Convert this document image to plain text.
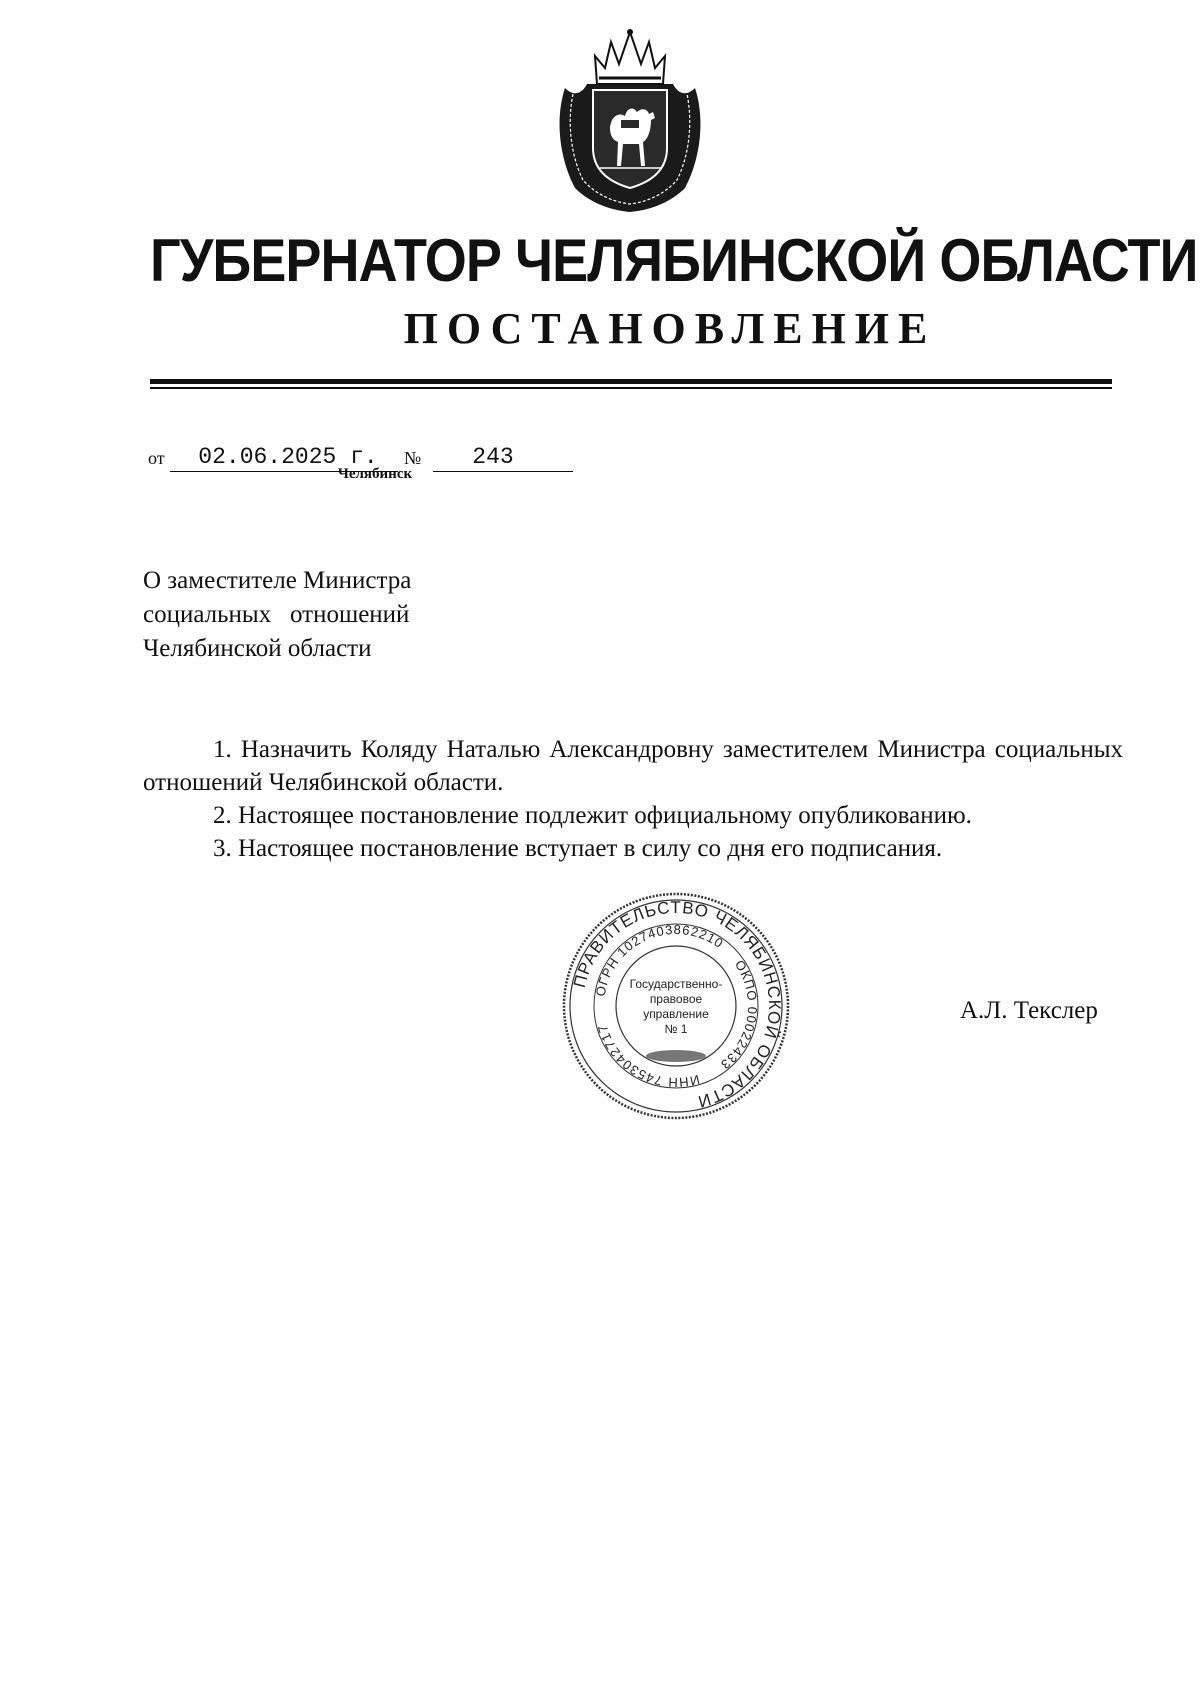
ГУБЕРНАТОР ЧЕЛЯБИНСКОЙ ОБЛАСТИ
ПОСТАНОВЛЕНИЕ
от	02.06.2025 г.	№	243
Челябинск
О заместителе Министра
социальных   отношений
Челябинской области
1. Назначить Коляду Наталью Александровну заместителем Министра социальных отношений Челябинской области.
2. Настоящее постановление подлежит официальному опубликованию.
3. Настоящее постановление вступает в силу со дня его подписания.
ПРАВИТЕЛЬСТВО ЧЕЛЯБИНСКОЙ ОБЛАСТИ
ОГРН 1027403862210
ОКПО 00022433
ИНН 7453042717
Государственно-
правовое
управление
№ 1
А.Л. Текслер
